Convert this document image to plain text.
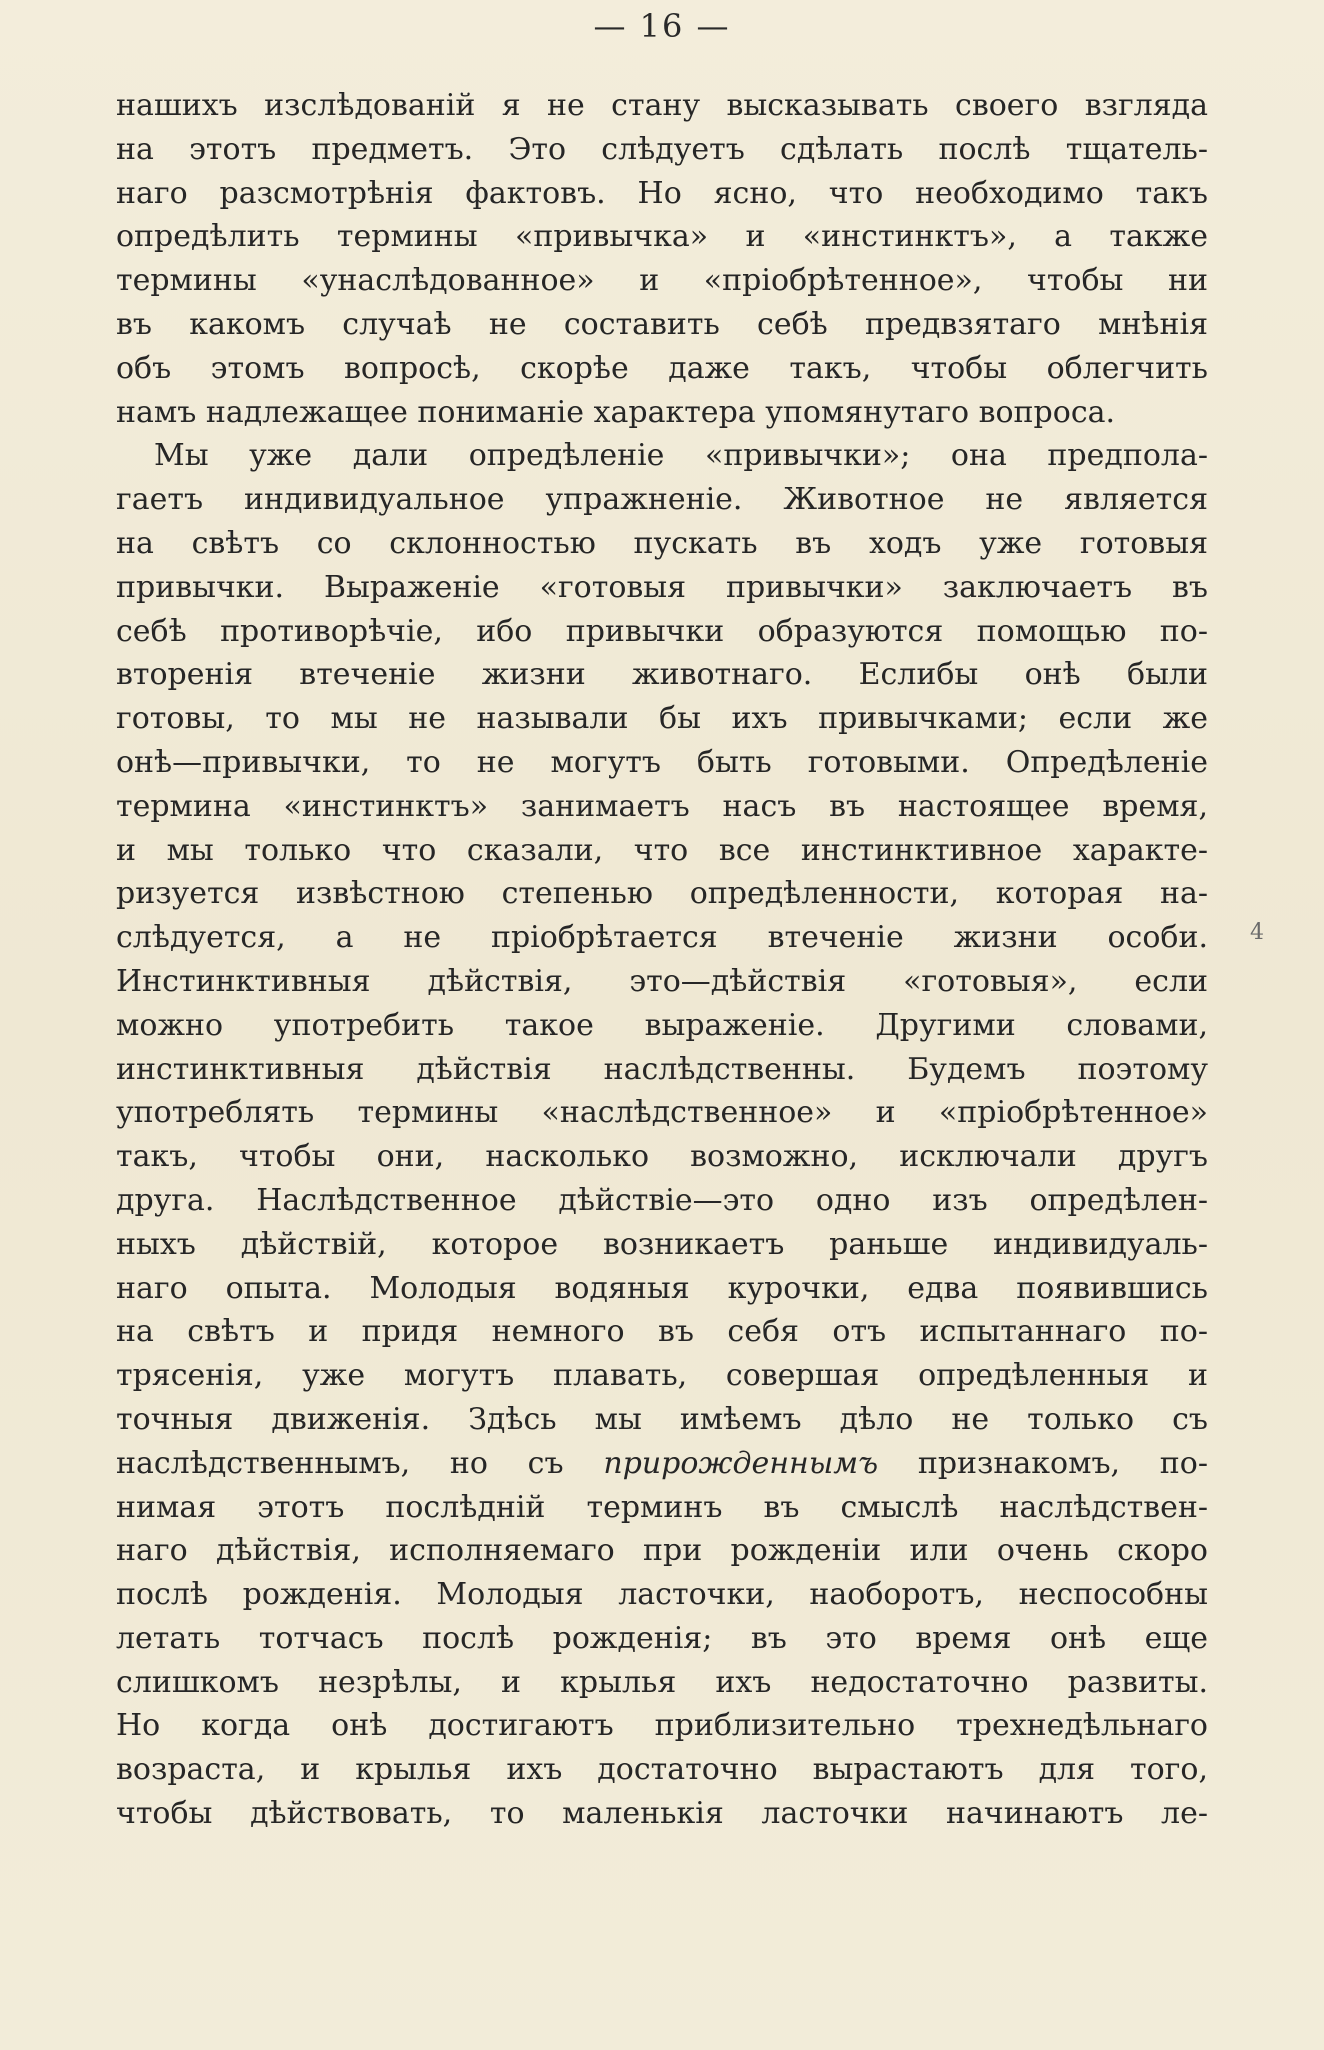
— 16 —
нашихъ изслѣдованій я не стану высказывать своего взгляда
на этотъ предметъ. Это слѣдуетъ сдѣлать послѣ тщатель-
наго разсмотрѣнія фактовъ. Но ясно, что необходимо такъ
опредѣлить термины «привычка» и «инстинктъ», а также
термины «унаслѣдованное» и «пріобрѣтенное», чтобы ни
въ какомъ случаѣ не составить себѣ предвзятаго мнѣнія
объ этомъ вопросѣ, скорѣе даже такъ, чтобы облегчить
намъ надлежащее пониманіе характера упомянутаго вопроса.
Мы уже дали опредѣленіе «привычки»; она предпола-
гаетъ индивидуальное упражненіе. Животное не является
на свѣтъ со склонностью пускать въ ходъ уже готовыя
привычки. Выраженіе «готовыя привычки» заключаетъ въ
себѣ противорѣчіе, ибо привычки образуются помощью по-
вторенія втеченіе жизни животнаго. Еслибы онѣ были
готовы, то мы не называли бы ихъ привычками; если же
онѣ—привычки, то не могутъ быть готовыми. Опредѣленіе
термина «инстинктъ» занимаетъ насъ въ настоящее время,
и мы только что сказали, что все инстинктивное характе-
ризуется извѣстною степенью опредѣленности, которая на-
слѣдуется, а не пріобрѣтается втеченіе жизни особи.
Инстинктивныя дѣйствія, это—дѣйствія «готовыя», если
можно употребить такое выраженіе. Другими словами,
инстинктивныя дѣйствія наслѣдственны. Будемъ поэтому
употреблять термины «наслѣдственное» и «пріобрѣтенное»
такъ, чтобы они, насколько возможно, исключали другъ
друга. Наслѣдственное дѣйствіе—это одно изъ опредѣлен-
ныхъ дѣйствій, которое возникаетъ раньше индивидуаль-
наго опыта. Молодыя водяныя курочки, едва появившись
на свѣтъ и придя немного въ себя отъ испытаннаго по-
трясенія, уже могутъ плавать, совершая опредѣленныя и
точныя движенія. Здѣсь мы имѣемъ дѣло не только съ
наслѣдственнымъ, но съ прирожденнымъ признакомъ, по-
нимая этотъ послѣдній терминъ въ смыслѣ наслѣдствен-
наго дѣйствія, исполняемаго при рожденіи или очень скоро
послѣ рожденія. Молодыя ласточки, наоборотъ, неспособны
летать тотчасъ послѣ рожденія; въ это время онѣ еще
слишкомъ незрѣлы, и крылья ихъ недостаточно развиты.
Но когда онѣ достигаютъ приблизительно трехнедѣльнаго
возраста, и крылья ихъ достаточно вырастаютъ для того,
чтобы дѣйствовать, то маленькія ласточки начинаютъ ле-
4
